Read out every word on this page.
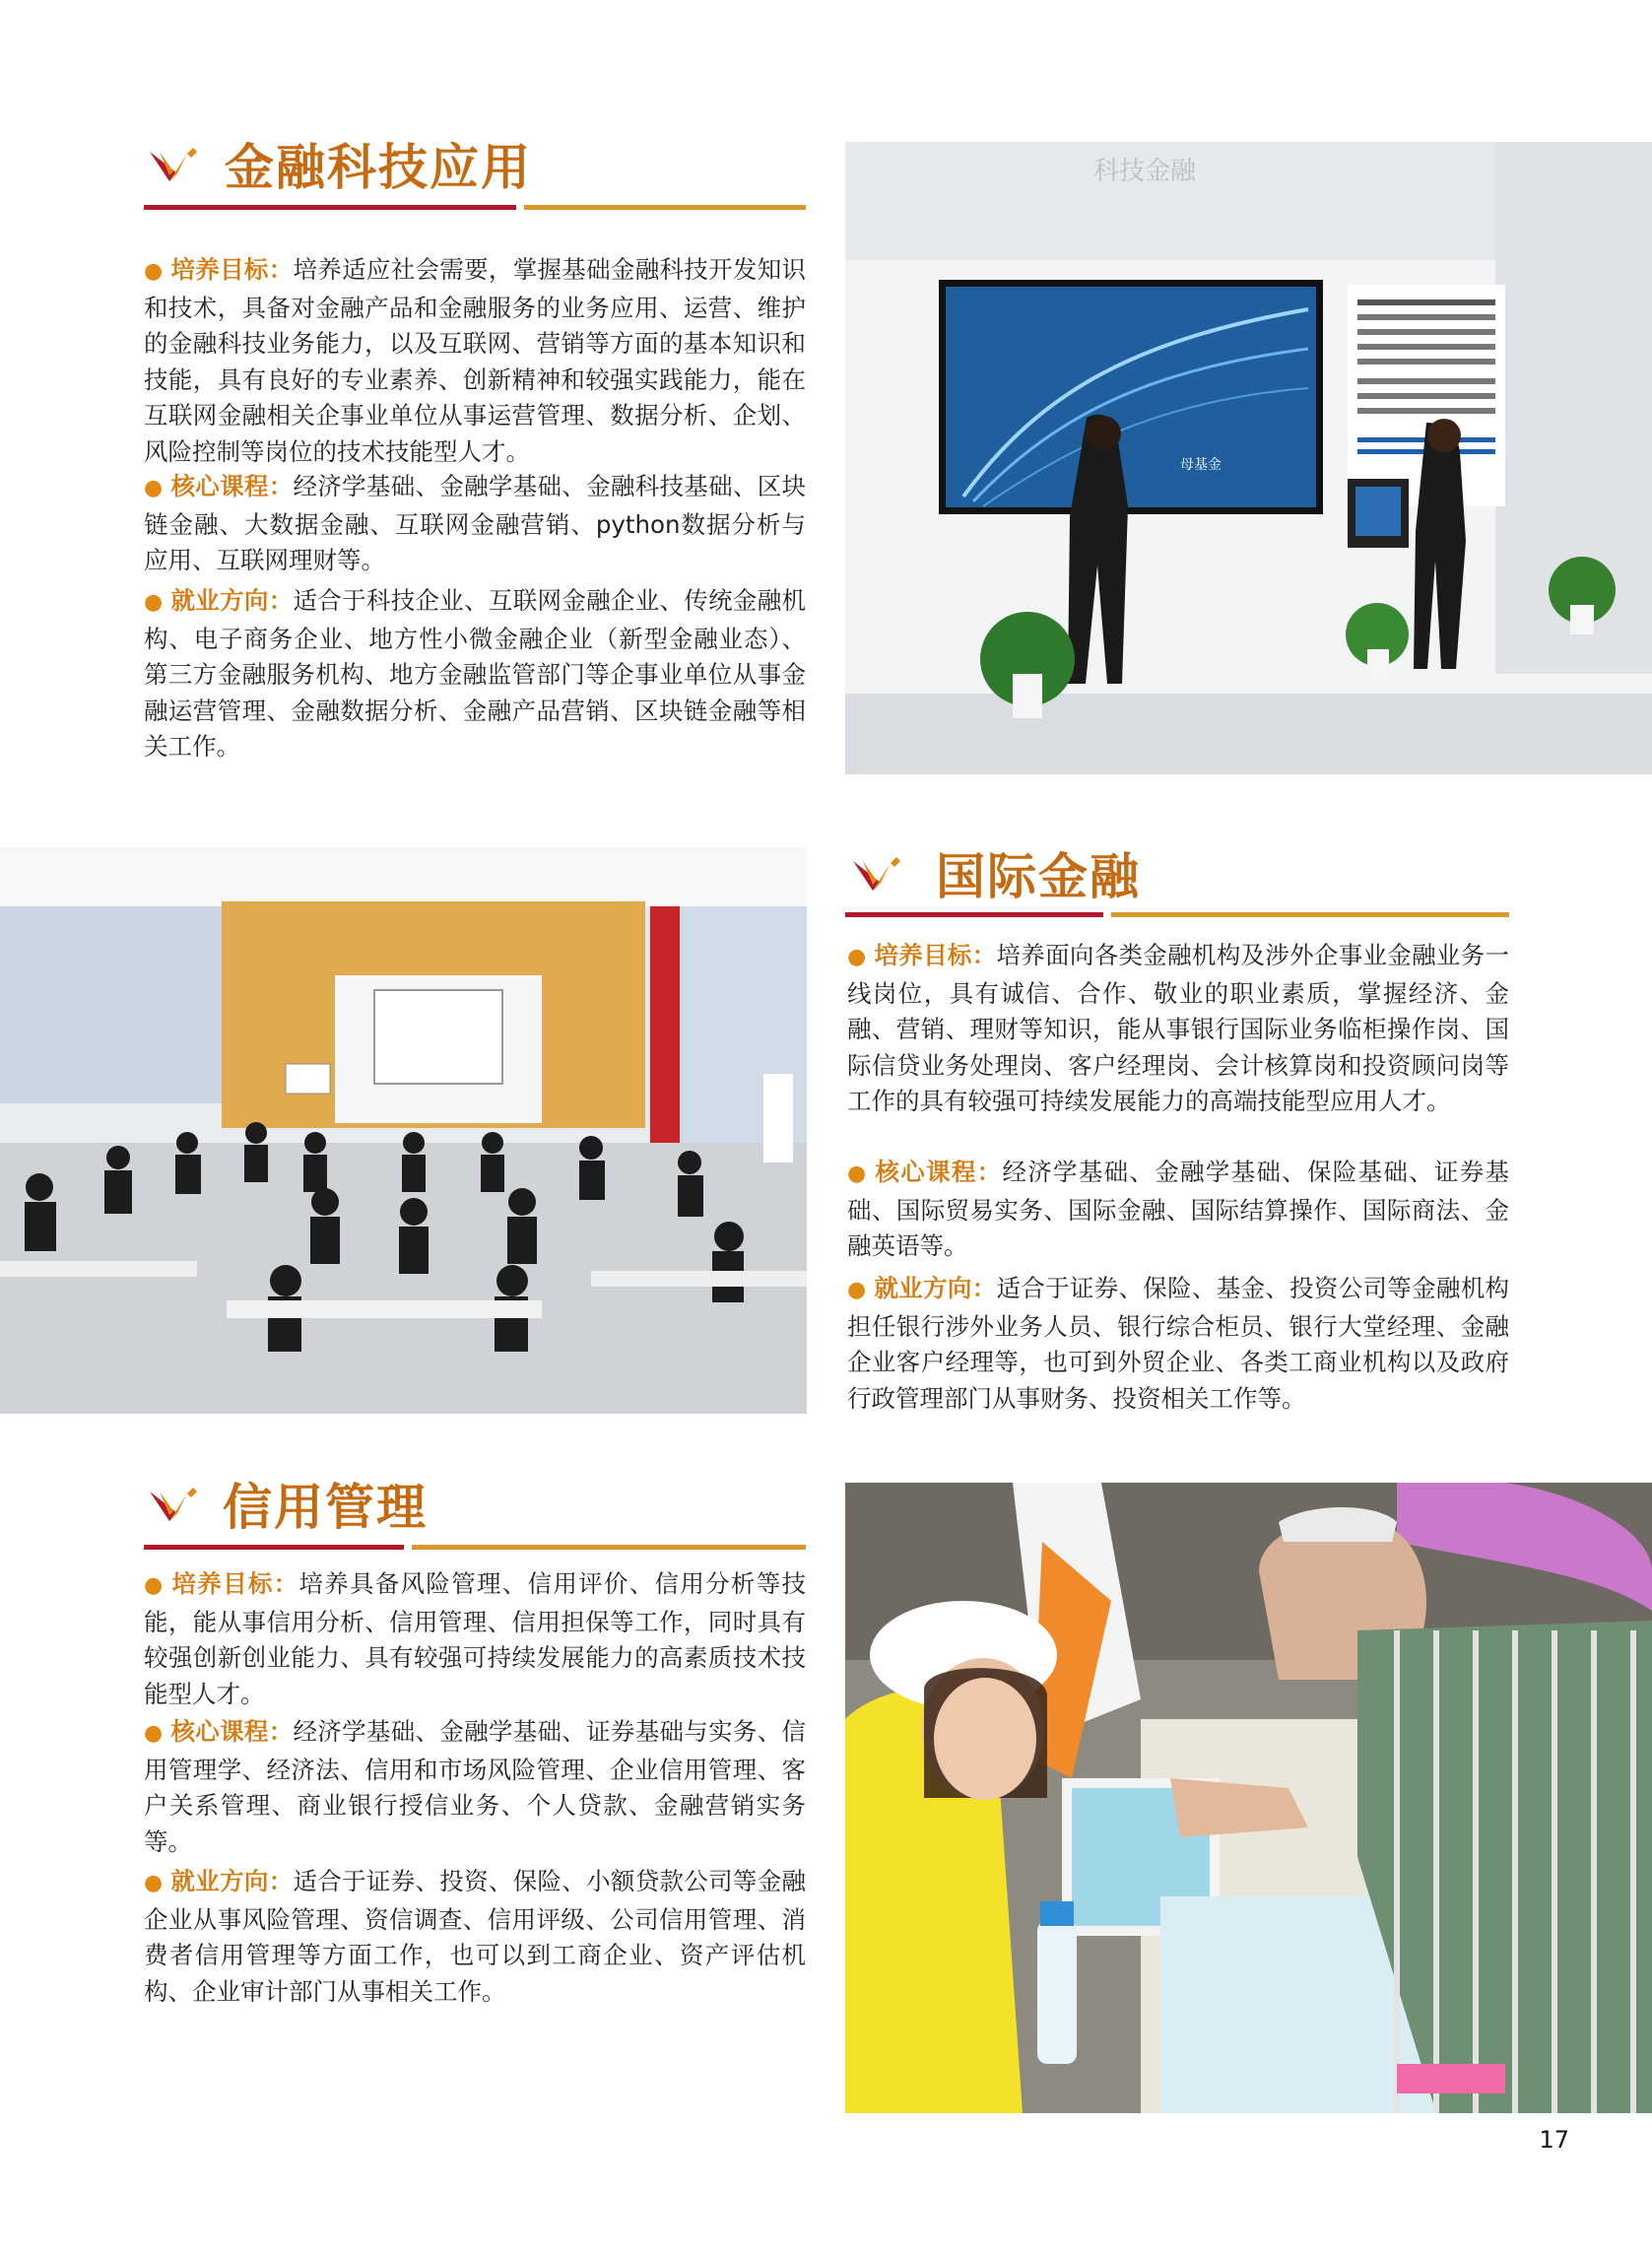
金融科技应用

● 培养目标：培养适应社会需要，掌握基础金融科技开发知识和技术，具备对金融产品和金融服务的业务应用、运营、维护的金融科技业务能力，以及互联网、营销等方面的基本知识和技能，具有良好的专业素养、创新精神和较强实践能力，能在互联网金融相关企事业单位从事运营管理、数据分析、企划、风险控制等岗位的技术技能型人才。

● 核心课程：经济学基础、金融学基础、金融科技基础、区块链金融、大数据金融、互联网金融营销、python数据分析与应用、互联网理财等。

● 就业方向：适合于科技企业、互联网金融企业、传统金融机构、电子商务企业、地方性小微金融企业（新型金融业态）、第三方金融服务机构、地方金融监管部门等企事业单位从事金融运营管理、金融数据分析、金融产品营销、区块链金融等相关工作。

科技金融
母基金
国际金融

● 培养目标：培养面向各类金融机构及涉外企事业金融业务一线岗位，具有诚信、合作、敬业的职业素质，掌握经济、金融、营销、理财等知识，能从事银行国际业务临柜操作岗、国际信贷业务处理岗、客户经理岗、会计核算岗和投资顾问岗等工作的具有较强可持续发展能力的高端技能型应用人才。

● 核心课程：经济学基础、金融学基础、保险基础、证券基础、国际贸易实务、国际金融、国际结算操作、国际商法、金融英语等。

● 就业方向：适合于证券、保险、基金、投资公司等金融机构担任银行涉外业务人员、银行综合柜员、银行大堂经理、金融企业客户经理等，也可到外贸企业、各类工商业机构以及政府行政管理部门从事财务、投资相关工作等。

信用管理

● 培养目标：培养具备风险管理、信用评价、信用分析等技能，能从事信用分析、信用管理、信用担保等工作，同时具有较强创新创业能力、具有较强可持续发展能力的高素质技术技能型人才。

● 核心课程：经济学基础、金融学基础、证券基础与实务、信用管理学、经济法、信用和市场风险管理、企业信用管理、客户关系管理、商业银行授信业务、个人贷款、金融营销实务等。

● 就业方向：适合于证券、投资、保险、小额贷款公司等金融企业从事风险管理、资信调查、信用评级、公司信用管理、消费者信用管理等方面工作，也可以到工商企业、资产评估机构、企业审计部门从事相关工作。

17
